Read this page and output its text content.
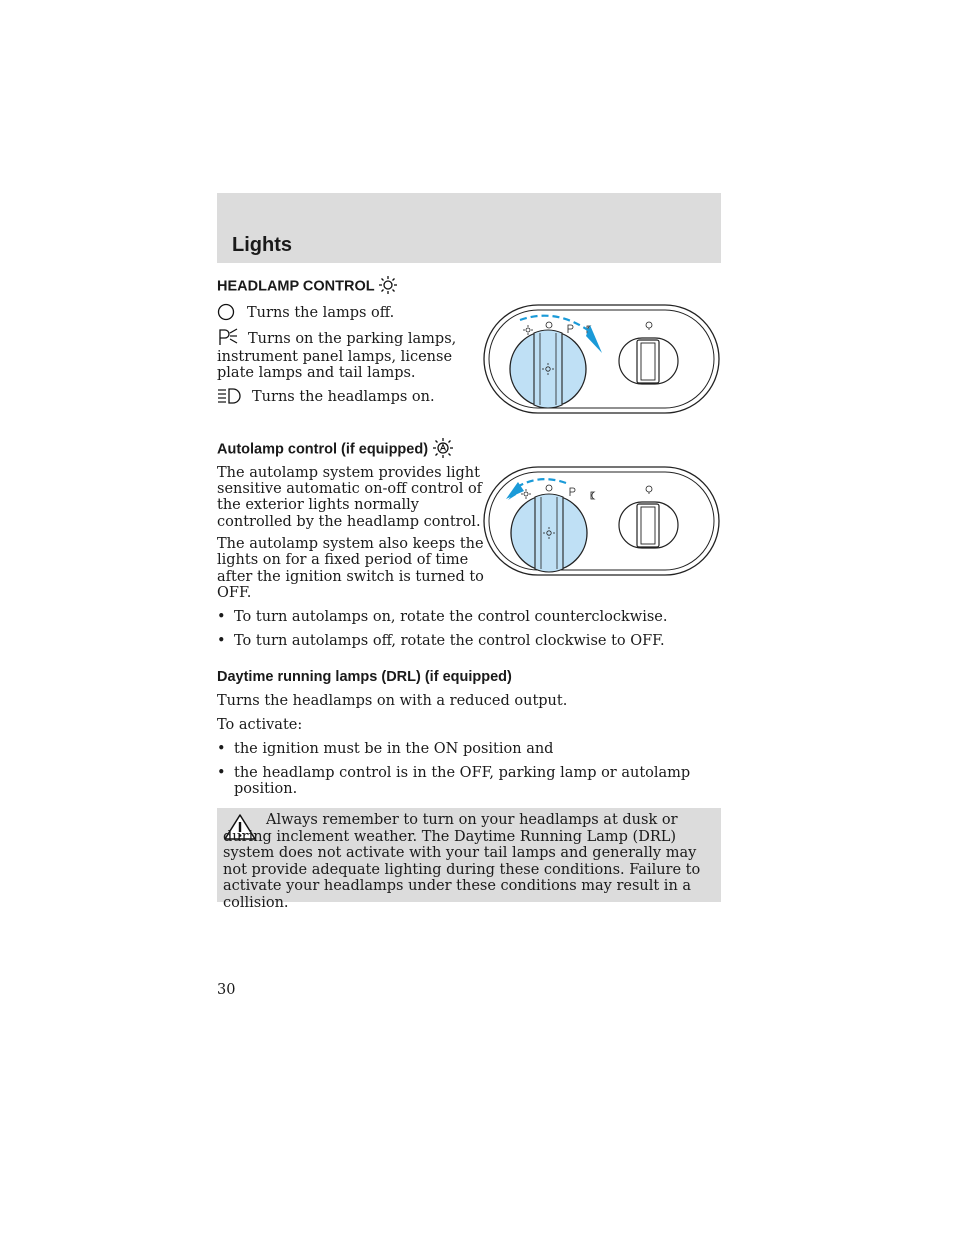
Lights
HEADLAMP CONTROL
Turns the lamps off.
Turns on the parking lamps,
instrument panel lamps, license
plate lamps and tail lamps.
Turns the headlamps on.
Autolamp control (if equipped)
The autolamp system provides light
sensitive automatic on-off control of
the exterior lights normally
controlled by the headlamp control.
The autolamp system also keeps the
lights on for a fixed period of time
after the ignition switch is turned to
OFF.
• To turn autolamps on, rotate the control counterclockwise.
• To turn autolamps off, rotate the control clockwise to OFF.
Daytime running lamps (DRL) (if equipped)
Turns the headlamps on with a reduced output.
To activate:
• the ignition must be in the ON position and
• the headlamp control is in the OFF, parking lamp or autolamp
position.
Always remember to turn on your headlamps at dusk or during inclement weather. The Daytime Running Lamp (DRL) system does not activate with your tail lamps and generally may not provide adequate lighting during these conditions. Failure to activate your headlamps under these conditions may result in a collision.
30
